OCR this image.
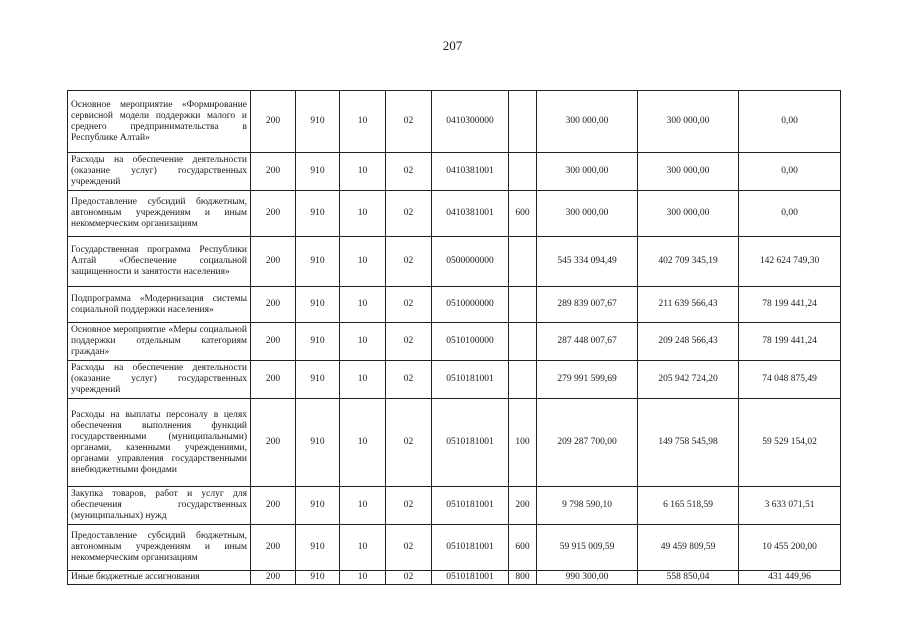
207
Основное мероприятие «Формирование сервисной модели поддержки малого и среднего предпринимательства в Республике Алтай»	200	910	10	02	0410300000		300 000,00	300 000,00	0,00
Расходы на обеспечение деятельности (оказание услуг) государственных учреждений	200	910	10	02	0410381001		300 000,00	300 000,00	0,00
Предоставление субсидий бюджетным, автономным учреждениям и иным некоммерческим организациям	200	910	10	02	0410381001	600	300 000,00	300 000,00	0,00
Государственная программа Республики Алтай «Обеспечение социальной защищенности и занятости населения»	200	910	10	02	0500000000		545 334 094,49	402 709 345,19	142 624 749,30
Подпрограмма «Модернизация системы социальной поддержки населения»	200	910	10	02	0510000000		289 839 007,67	211 639 566,43	78 199 441,24
Основное мероприятие «Меры социальной поддержки отдельным категориям граждан»	200	910	10	02	0510100000		287 448 007,67	209 248 566,43	78 199 441,24
Расходы на обеспечение деятельности (оказание услуг) государственных учреждений	200	910	10	02	0510181001		279 991 599,69	205 942 724,20	74 048 875,49
Расходы на выплаты персоналу в целях обеспечения выполнения функций государственными (муниципальными) органами, казенными учреждениями, органами управления государственными внебюджетными фондами	200	910	10	02	0510181001	100	209 287 700,00	149 758 545,98	59 529 154,02
Закупка товаров, работ и услуг для обеспечения государственных (муниципальных) нужд	200	910	10	02	0510181001	200	9 798 590,10	6 165 518,59	3 633 071,51
Предоставление субсидий бюджетным, автономным учреждениям и иным некоммерческим организациям	200	910	10	02	0510181001	600	59 915 009,59	49 459 809,59	10 455 200,00
Иные бюджетные ассигнования	200	910	10	02	0510181001	800	990 300,00	558 850,04	431 449,96
